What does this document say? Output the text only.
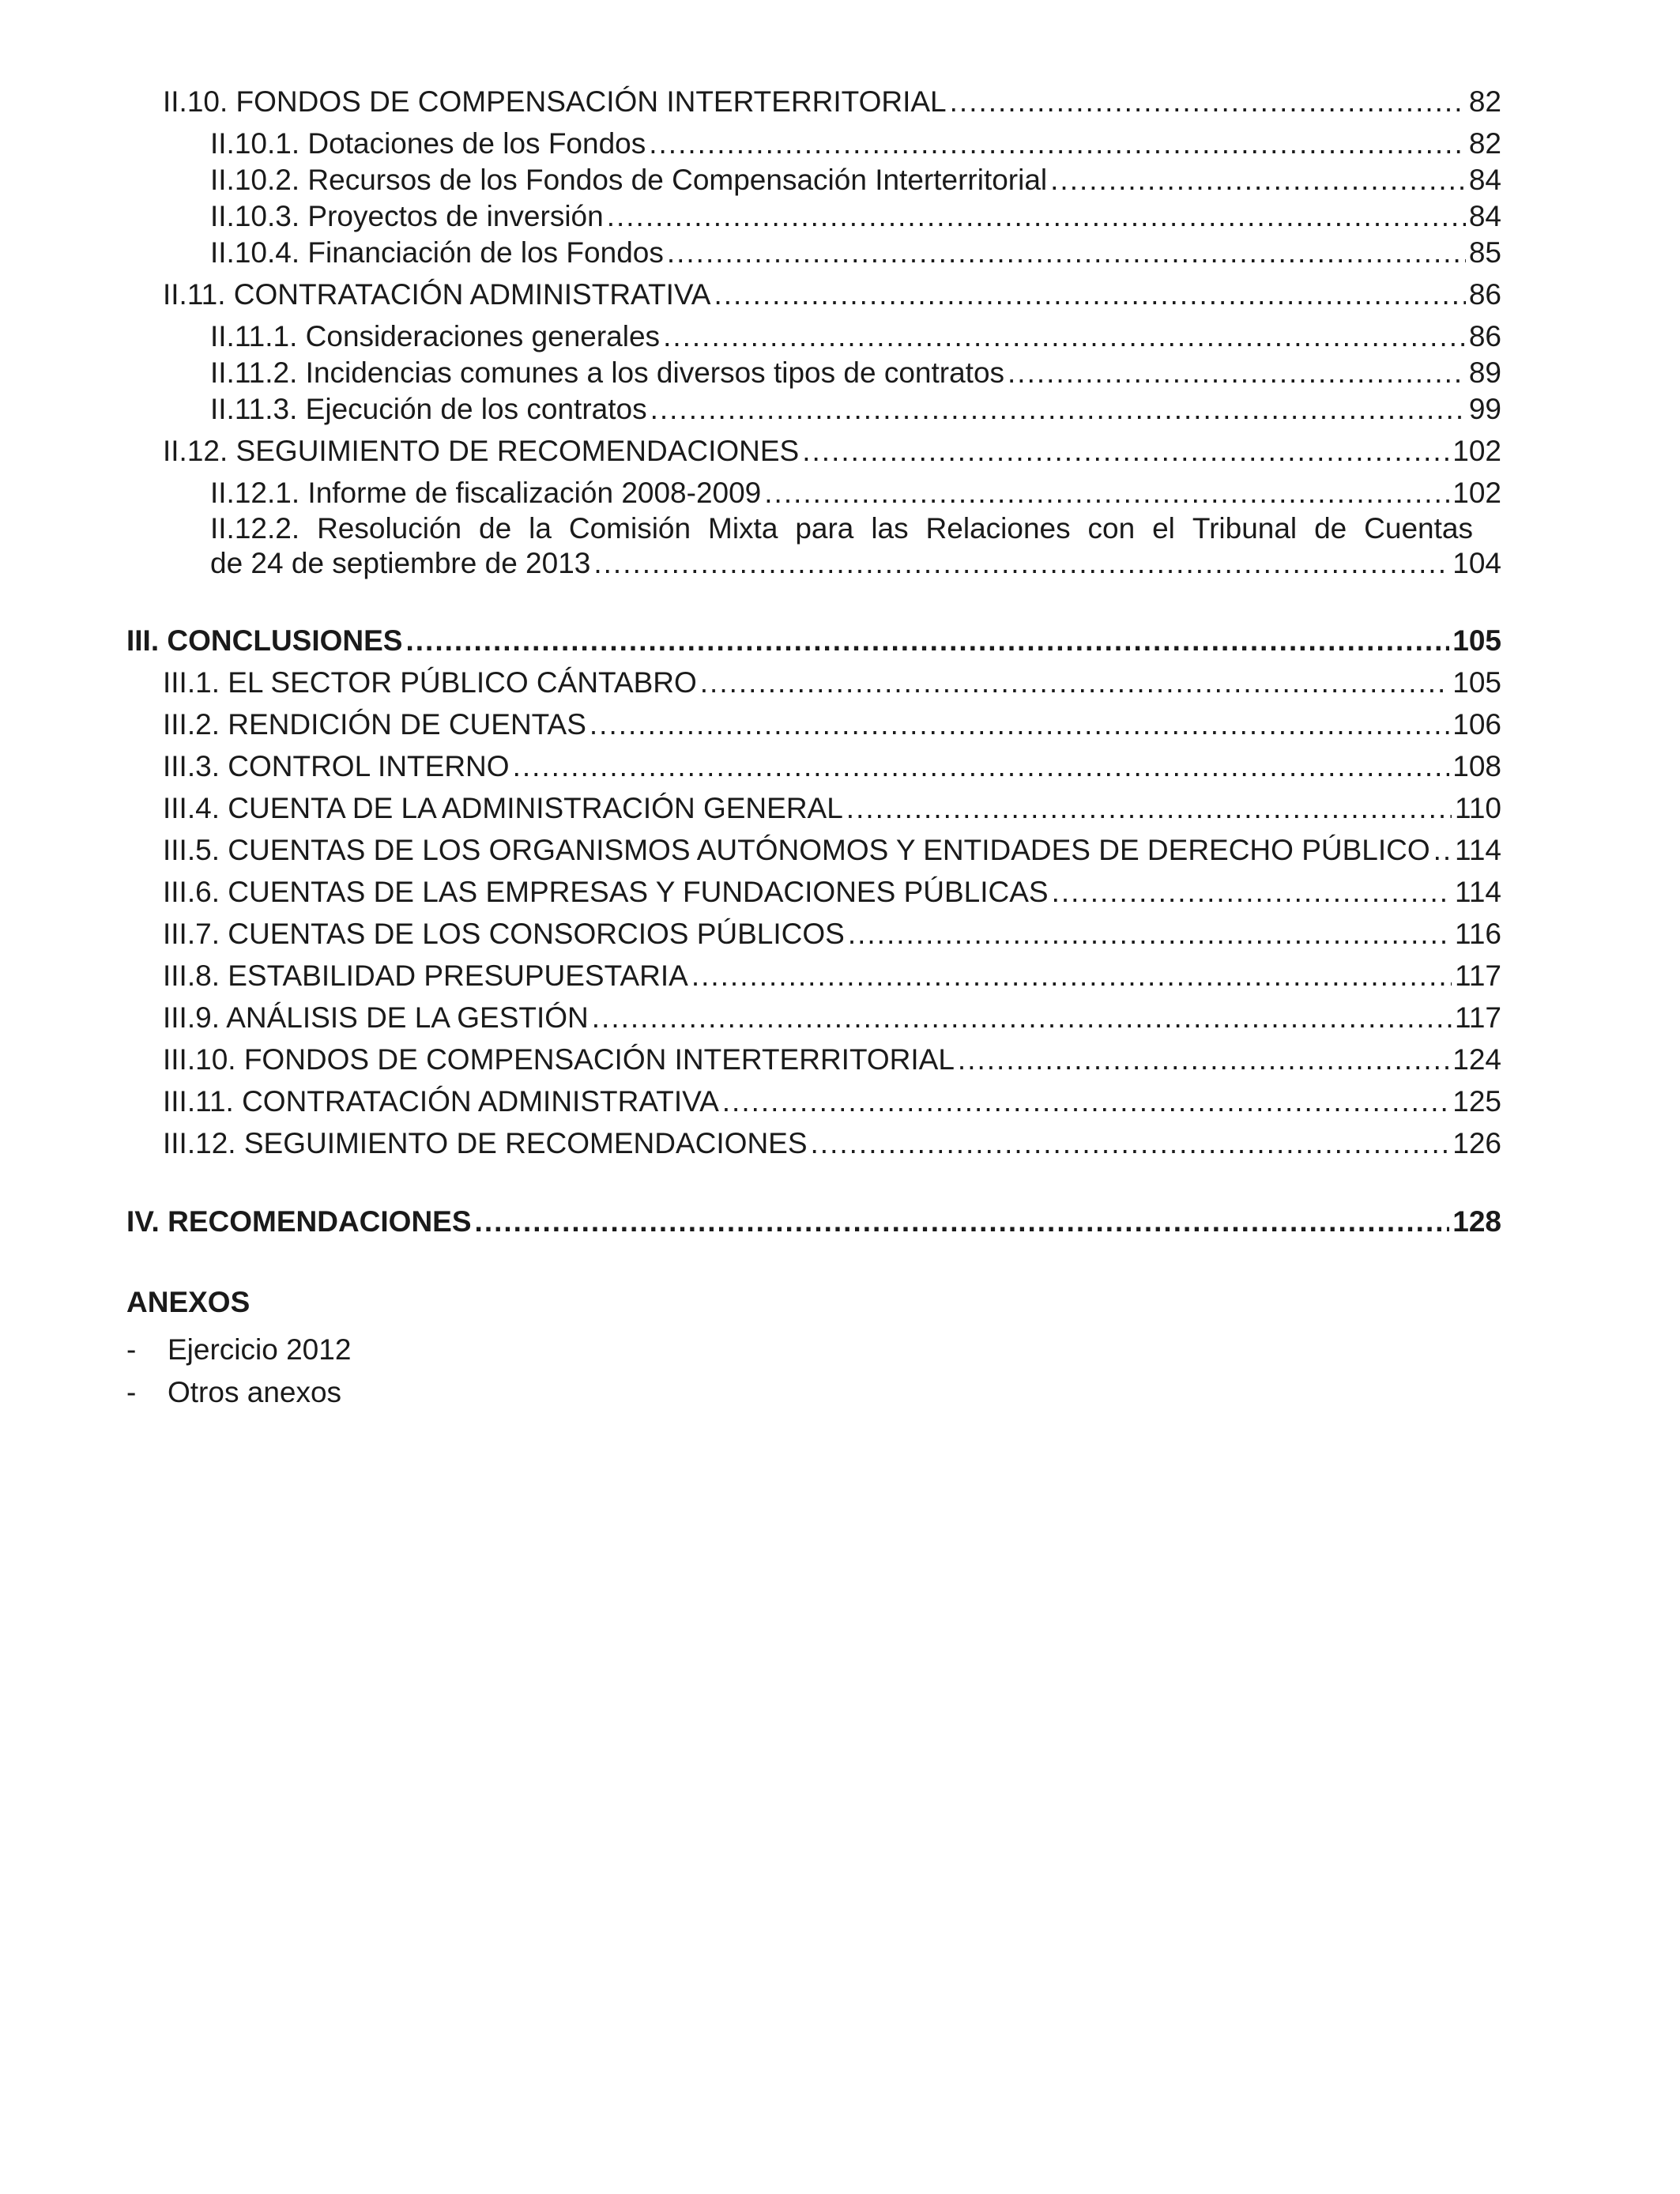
II.10. FONDOS DE COMPENSACIÓN INTERTERRITORIAL .....	82
II.10.1. Dotaciones de los Fondos .....	82
II.10.2. Recursos de los Fondos de Compensación Interterritorial .....	84
II.10.3. Proyectos de inversión .....	84
II.10.4. Financiación de los Fondos .....	85
II.11. CONTRATACIÓN ADMINISTRATIVA .....	86
II.11.1. Consideraciones generales .....	86
II.11.2. Incidencias comunes a los diversos tipos de contratos .....	89
II.11.3. Ejecución de los contratos .....	99
II.12. SEGUIMIENTO DE RECOMENDACIONES .....	102
II.12.1. Informe de fiscalización 2008-2009 .....	102
II.12.2. Resolución de la Comisión Mixta para las Relaciones con el Tribunal de Cuentas
de 24 de septiembre de 2013 .....	104
III. CONCLUSIONES .....	105
III.1. EL SECTOR PÚBLICO CÁNTABRO .....	105
III.2. RENDICIÓN DE CUENTAS .....	106
III.3. CONTROL INTERNO .....	108
III.4. CUENTA DE LA ADMINISTRACIÓN GENERAL .....	110
III.5. CUENTAS DE LOS ORGANISMOS AUTÓNOMOS Y ENTIDADES DE DERECHO PÚBLICO ..... 114
III.6. CUENTAS DE LAS EMPRESAS Y FUNDACIONES PÚBLICAS .....	114
III.7. CUENTAS DE LOS CONSORCIOS PÚBLICOS .....	116
III.8. ESTABILIDAD PRESUPUESTARIA .....	117
III.9. ANÁLISIS DE LA GESTIÓN .....	117
III.10. FONDOS DE COMPENSACIÓN INTERTERRITORIAL .....	124
III.11. CONTRATACIÓN ADMINISTRATIVA .....	125
III.12. SEGUIMIENTO DE RECOMENDACIONES .....	126
IV. RECOMENDACIONES .....	128
ANEXOS
-	Ejercicio 2012
-	Otros anexos
